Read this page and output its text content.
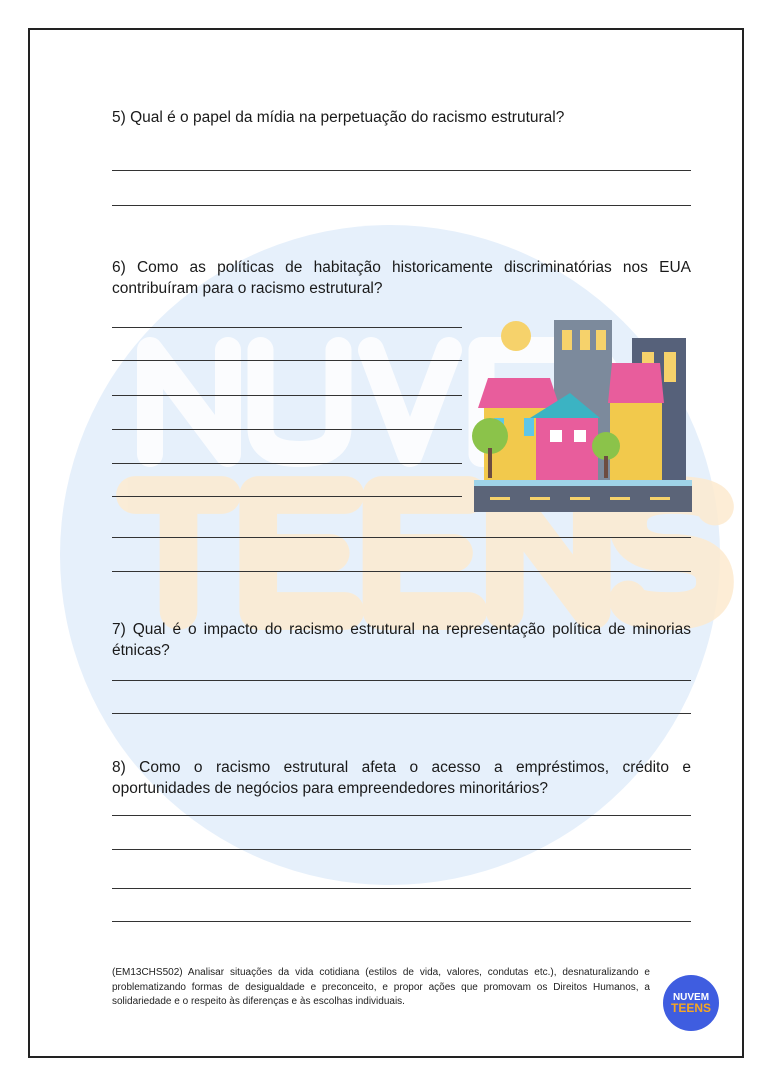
5) Qual é o papel da mídia na perpetuação do racismo estrutural?
6) Como as políticas de habitação historicamente discriminatórias nos EUA contribuíram para o racismo estrutural?
7) Qual é o impacto do racismo estrutural na representação política de minorias étnicas?
8) Como o racismo estrutural afeta o acesso a empréstimos, crédito e oportunidades de negócios para empreendedores minoritários?
(EM13CHS502) Analisar situações da vida cotidiana (estilos de vida, valores, condutas etc.), desnaturalizando e problematizando formas de desigualdade e preconceito, e propor ações que promovam os Direitos Humanos, a solidariedade e o respeito às diferenças e às escolhas individuais.	NUVEM
TEENS
